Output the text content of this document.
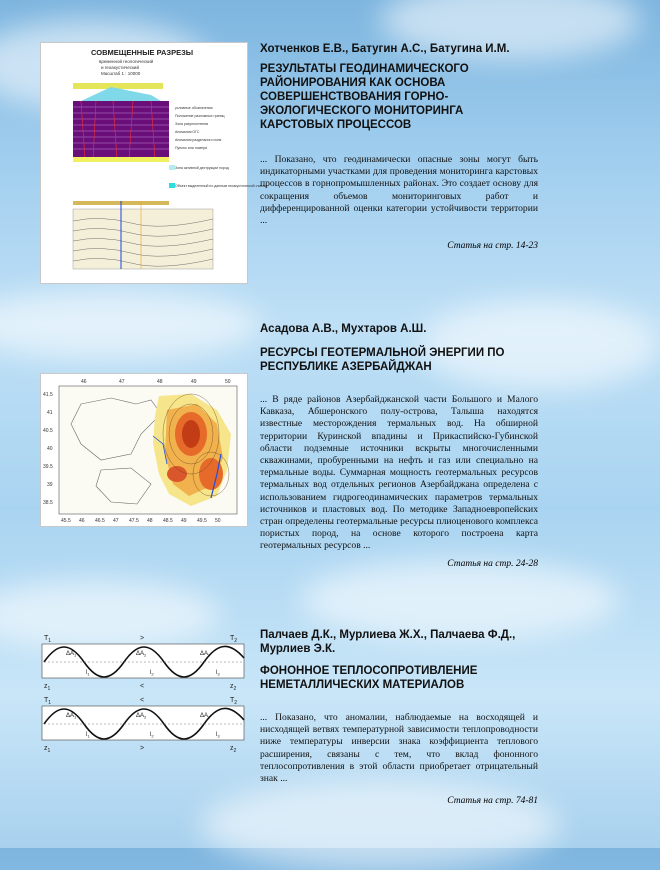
СОВМЕЩЕННЫЕ РАЗРЕЗЫ
временной геологический
и геоакустический
Масштаб 1 : 10000
условные обозначения
Положение разломных границ
Зона разуплотнения
Аномалия ОГС
Аномалия раздельного поля
Пункты или номера
Зона активной деструкции пород
Объект выделенный по данным геоакустической съемки
Хотченков Е.В., Батугин А.С., Батугина И.М.
РЕЗУЛЬТАТЫ ГЕОДИНАМИЧЕСКОГО РАЙОНИРОВАНИЯ КАК ОСНОВА СОВЕРШЕНСТВОВАНИЯ ГОРНО-ЭКОЛОГИЧЕСКОГО МОНИТОРИНГА КАРСТОВЫХ ПРОЦЕССОВ
... Показано, что геодинамически опасные зоны могут быть индикаторными участками для проведения мониторинга карстовых процессов в горнопромышленных районах. Это создает основу для сокращения объемов мониторинговых работ и дифференцированной оценки категории устойчивости территории ...
Статья на стр. 14-23
46	47	48	49	50
41.5
41
40.5
40
39.5
39
38.5
45.5 46 46.5 47 47.5 48 48.5 49 49.5 50
Асадова А.В., Мухтаров А.Ш.
РЕСУРСЫ ГЕОТЕРМАЛЬНОЙ ЭНЕРГИИ ПО РЕСПУБЛИКЕ АЗЕРБАЙДЖАН
... В ряде районов Азербайджанской части Большого и Малого Кавказа, Абшеронского полу-острова, Талыша находятся известные месторождения термальных вод. На обширной территории Куринской впадины и Прикаспийско-Губинской области подземные источники вскрыты многочисленными скважинами, пробуренными на нефть и газ или специально на термальные воды. Суммарная мощность геотермальных ресурсов термальных вод отдельных регионов Азербайджана определена с использованием гидрогеодинамических параметров термальных источников и пластовых вод. По методике Западноевропейских стран определены геотермальные ресурсы плиоценового комплекса пористых пород, на основе которого построена карта геотермальных ресурсов ...
Статья на стр. 24-28
$T_1$	>	$T_2$
$\Delta A_1$	$\Delta A_2$	$\Delta A_3$
$l_1$	$l_2$	$l_3$
$z_1$	<	$z_2$
$T_1$	<	$T_2$
$\Delta A_1$	$\Delta A_2$	$\Delta A_3$
$l_1$	$l_2$	$l_3$
$z_1$	>	$z_2$
Палчаев Д.К., Мурлиева Ж.Х., Палчаева Ф.Д., Мурлиев Э.К.
ФОНОННОЕ ТЕПЛОСОПРОТИВЛЕНИЕ НЕМЕТАЛЛИЧЕСКИХ МАТЕРИАЛОВ
... Показано, что аномалии, наблюдаемые на восходящей и нисходящей ветвях температурной зависимости теплопроводности ниже температуры инверсии знака коэффициента теплового расширения, связаны с тем, что вклад фононного теплосопротивления в этой области приобретает отрицательный знак ...
Статья на стр. 74-81
